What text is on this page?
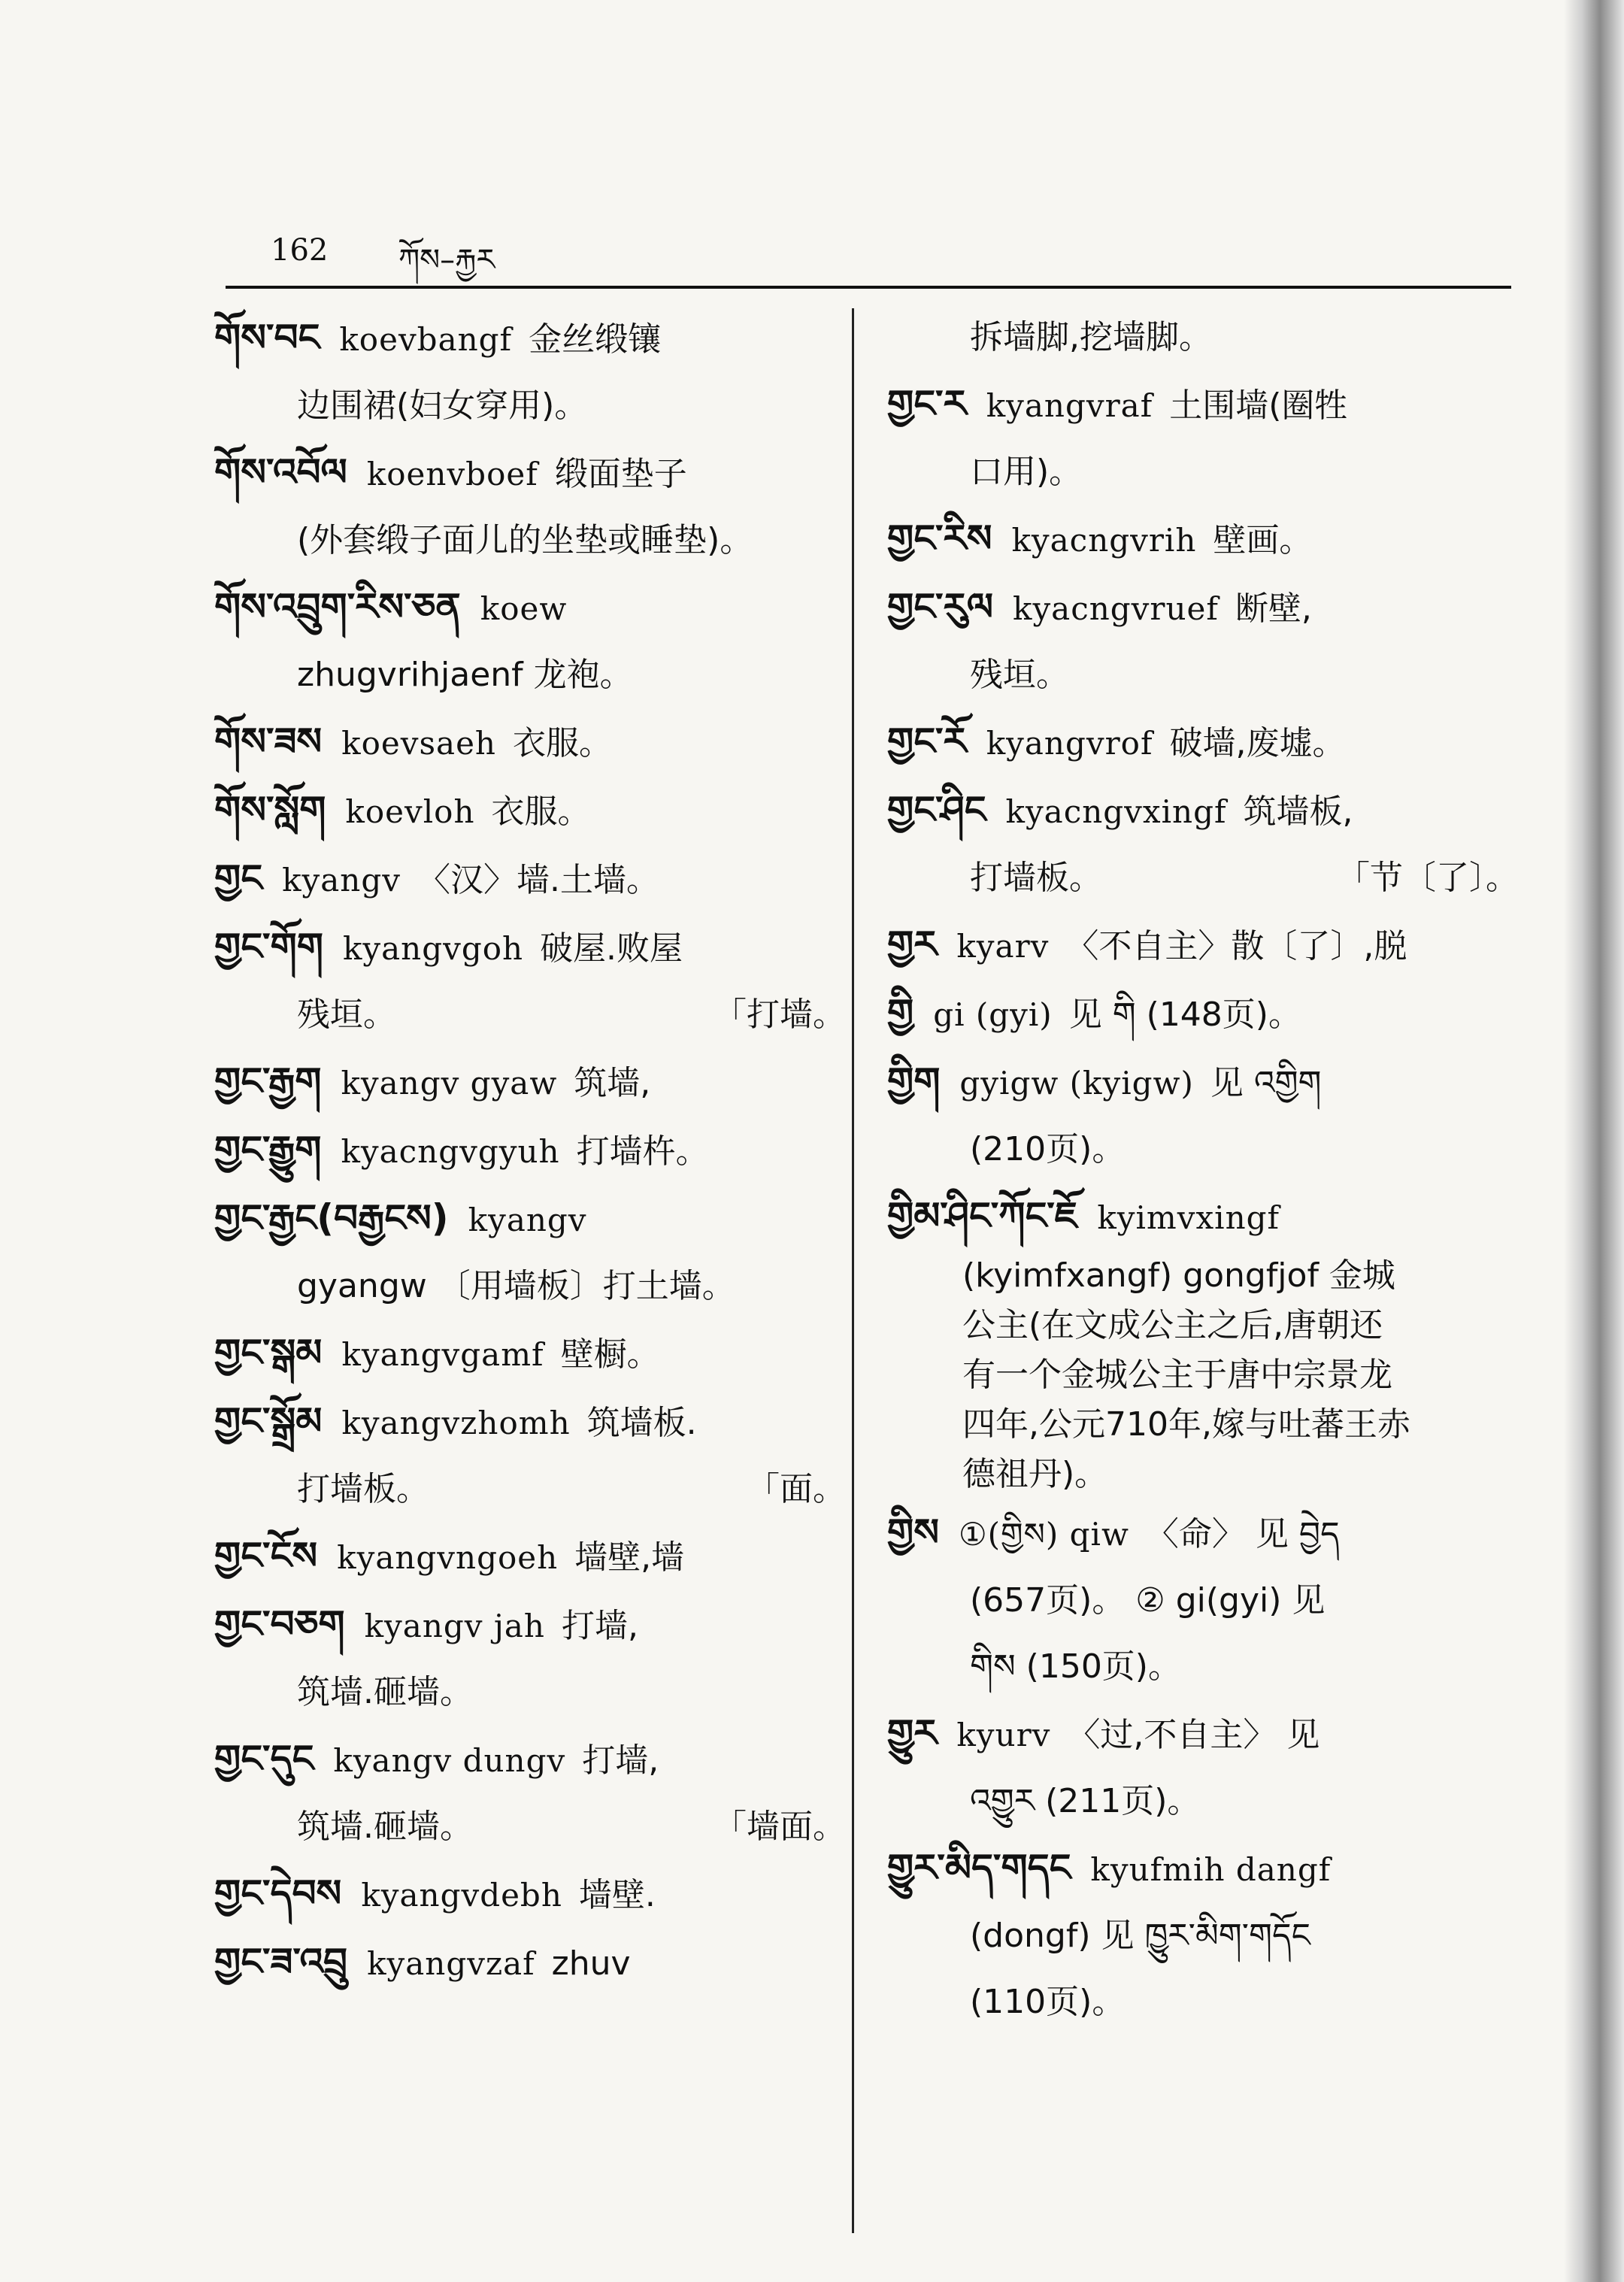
162 ཀོས–རྐྱར
གོས་བང koevbangf 金丝缎镶
边围裙(妇女穿用)。
གོས་འབོལ koenvboef 缎面垫子
(外套缎子面儿的坐垫或睡垫)。
གོས་འབྲུག་རིས་ཅན koew
zhugvrihjaenf 龙袍。
གོས་ཟས koevsaeh 衣服。
གོས་སློག koevloh 衣服。
གྱང kyangv 〈汉〉墙.土墙。
གྱང་གོག kyangvgoh 破屋.败屋
残垣。	「打墙。
གྱང་རྒྱག kyangv gyaw 筑墙,
གྱང་རྒྱུག kyacngvgyuh 打墙杵。
གྱང་རྒྱང(བརྒྱངས) kyangv
gyangw 〔用墙板〕打土墙。
གྱང་སྒམ kyangvgamf 壁橱。
གྱང་སྒྲོམ kyangvzhomh 筑墙板.
打墙板。	「面。
གྱང་ངོས kyangvngoeh 墙壁,墙
གྱང་བཅག kyangv jah 打墙,
筑墙.砸墙。
གྱང་དུང kyangv dungv 打墙,
筑墙.砸墙。	「墙面。
གྱང་དེབས kyangvdebh 墙壁.
གྱང་ཟ་འབྲུ kyangvzaf zhuv
拆墙脚,挖墙脚。
གྱང་ར kyangvraf 土围墙(圈牲
口用)。
གྱང་རིས kyacngvrih 壁画。
གྱང་རུལ kyacngvruef 断壁,
残垣。
གྱང་རོ kyangvrof 破墙,废墟。
གྱང་ཤིང kyacngvxingf 筑墙板,
打墙板。	「节〔了〕。
གྱར kyarv 〈不自主〉散〔了〕,脱
གྱི gi (gyi) 见 གི (148页)。
གྱིག gyigw (kyigw) 见 འགྱིག
(210页)。
གྱིམ་ཤིང་ཀོང་ཇོ kyimvxingf
(kyimfxangf) gongfjof 金城
公主(在文成公主之后,唐朝还
有一个金城公主于唐中宗景龙
四年,公元710年,嫁与吐蕃王赤
德祖丹)。
གྱིས ①(གྱིས) qiw 〈命〉 见 བྱེད
(657页)。 ② gi(gyi) 见
གིས (150页)。
གྱུར kyurv 〈过,不自主〉 见
འགྱུར (211页)。
གྱུར་མིད་གདང kyufmih dangf
(dongf) 见 ཁྱུར་མིག་གདོང
(110页)。
